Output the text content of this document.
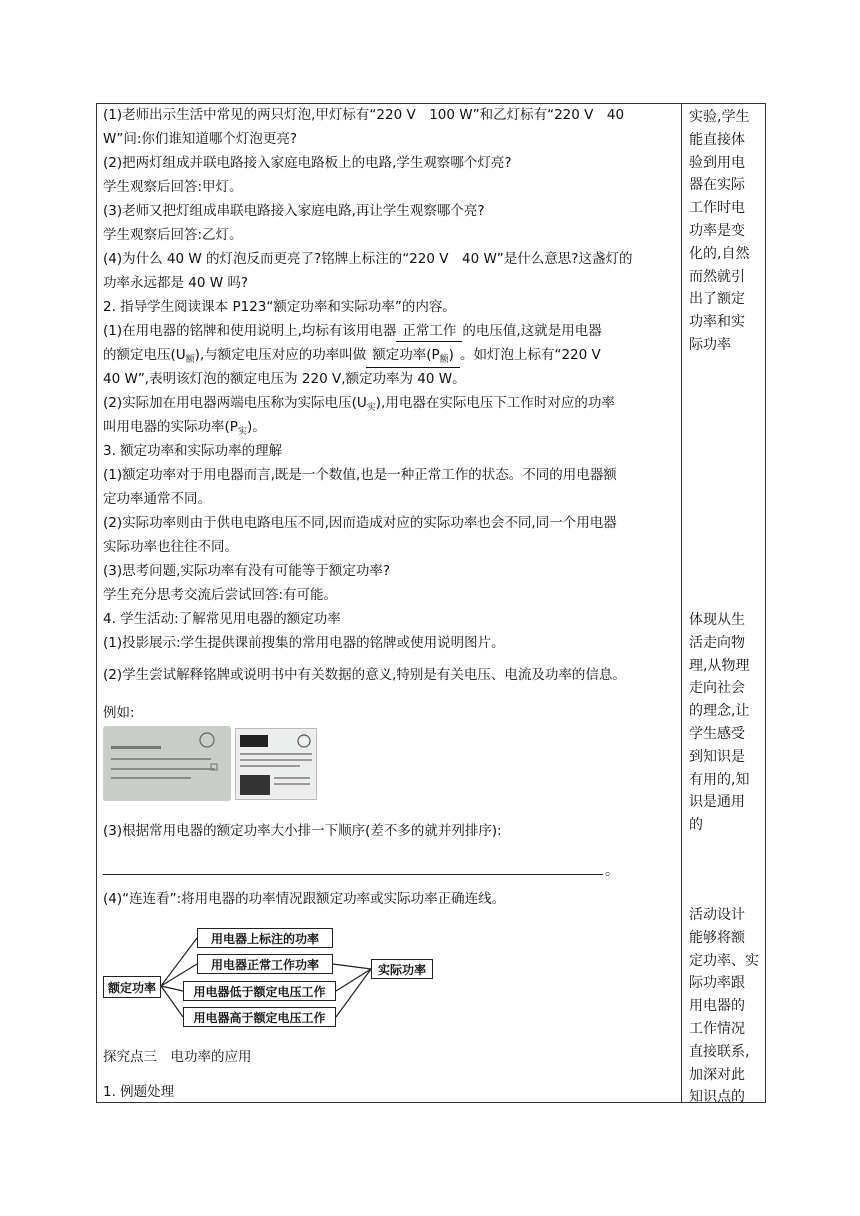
(1)老师出示生活中常见的两只灯泡,甲灯标有“220 V　100 W”和乙灯标有“220 V　40
W”问:你们谁知道哪个灯泡更亮?
(2)把两灯组成并联电路接入家庭电路板上的电路,学生观察哪个灯亮?
学生观察后回答:甲灯。
(3)老师又把灯组成串联电路接入家庭电路,再让学生观察哪个亮?
学生观察后回答:乙灯。
(4)为什么 40 W 的灯泡反而更亮了?铭牌上标注的“220 V　40 W”是什么意思?这盏灯的
功率永远都是 40 W 吗?
2. 指导学生阅读课本 P123“额定功率和实际功率”的内容。
(1)在用电器的铭牌和使用说明上,均标有该用电器 正常工作 的电压值,这就是用电器
的额定电压$(U_额)$,与额定电压对应的功率叫做 额定功率$(P_额)$ 。如灯泡上标有“220 V
40 W”,表明该灯泡的额定电压为 220 V,额定功率为 40 W。
(2)实际加在用电器两端电压称为实际电压$(U_实)$,用电器在实际电压下工作时对应的功率
叫用电器的实际功率$(P_实)$。
3. 额定功率和实际功率的理解
(1)额定功率对于用电器而言,既是一个数值,也是一种正常工作的状态。不同的用电器额
定功率通常不同。
(2)实际功率则由于供电电路电压不同,因而造成对应的实际功率也会不同,同一个用电器
实际功率也往往不同。
(3)思考问题,实际功率有没有可能等于额定功率?
学生充分思考交流后尝试回答:有可能。
4. 学生活动:了解常见用电器的额定功率
(1)投影展示:学生提供课前搜集的常用电器的铭牌或使用说明图片。
(2)学生尝试解释铭牌或说明书中有关数据的意义,特别是有关电压、电流及功率的信息。
例如:
(3)根据常用电器的额定功率大小排一下顺序(差不多的就并列排序):
。
(4)“连连看”:将用电器的功率情况跟额定功率或实际功率正确连线。
额定功率
用电器上标注的功率
用电器正常工作功率
用电器低于额定电压工作
用电器高于额定电压工作
实际功率
探究点三　电功率的应用
1. 例题处理
实验,学生
能直接体
验到用电
器在实际
工作时电
功率是变
化的,自然
而然就引
出了额定
功率和实
际功率
体现从生
活走向物
理,从物理
走向社会
的理念,让
学生感受
到知识是
有用的,知
识是通用
的
活动设计
能够将额
定功率、实
际功率跟
用电器的
工作情况
直接联系,
加深对此
知识点的
